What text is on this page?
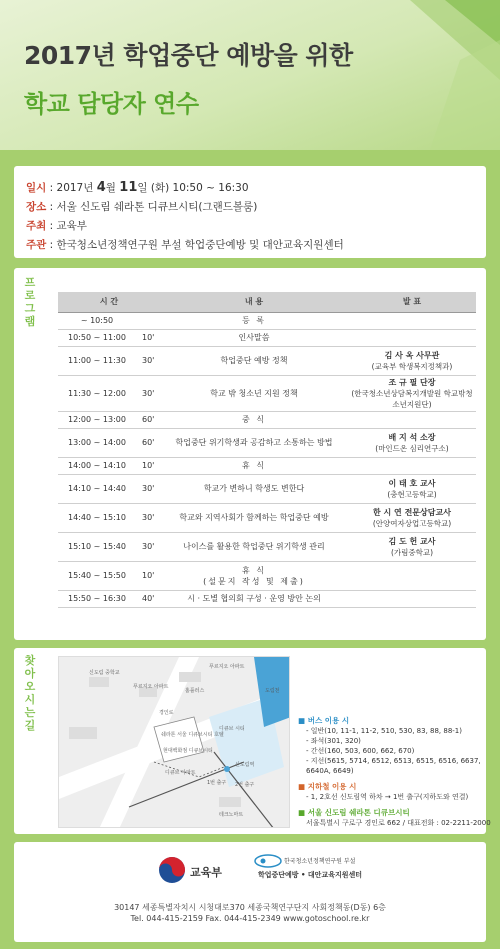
2017년 학업중단 예방을 위한
학교 담당자 연수
일시 : 2017년 4월 11일 (화) 10:50 ~ 16:30
장소 : 서울 신도림 쉐라톤 디큐브시티(그랜드볼룸)
주최 : 교육부
주관 : 한국청소년정책연구원 부설 학업중단예방 및 대안교육지원센터
프
로
그
램
시 간		내 용	발 표
~ 10:50		등 록	

10:50 ~ 11:00	10'	인사말씀	

11:00 ~ 11:30	30'	학업중단 예방 정책	김 사 옥 사무관
(교육부 학생복지정책과)

11:30 ~ 12:00	30'	학교 밖 청소년 지원 정책	조 규 필 단장
(한국청소년상담복지개발원 학교밖청소년지원단)

12:00 ~ 13:00	60'	중 식	

13:00 ~ 14:00	60'	학업중단 위기학생과 공감하고 소통하는 방법	배 지 석 소장
(마인드온 심리연구소)

14:00 ~ 14:10	10'	휴 식	

14:10 ~ 14:40	30'	학교가 변하니 학생도 변한다	이 태 호 교사
(충현고등학교)

14:40 ~ 15:10	30'	학교와 지역사회가 함께하는 학업중단 예방	한 시 연 전문상담교사
(안양여자상업고등학교)

15:10 ~ 15:40	30'	나이스를 활용한 학업중단 위기학생 관리	김 도 헌 교사
(가림중학교)

15:40 ~ 15:50	10'	휴 식
(설문지 작성 및 제출)	

15:50 ~ 16:30	40'	시 · 도별 협의회 구성 · 운영 방안 논의	
찾
아
오
시
는
길
신도림 중학교
푸르지오 아파트
홈플러스
푸르지오 아파트
디큐브 시티
경인로
쉐라톤 서울 디큐브시티 호텔
현대백화점 디큐브시티
디큐브 아파트
신도림역
도림천
1번 출구 2번 출구
테크노마트
■ 버스 이용 시
- 일반(10, 11-1, 11-2, 510, 530, 83, 88, 88-1)
- 좌석(301, 320)
- 간선(160, 503, 600, 662, 670)
- 지선(5615, 5714, 6512, 6513, 6515, 6516, 6637,
6640A, 6649)
■ 지하철 이용 시
- 1, 2호선 신도림역 하차 → 1번 출구(지하도와 연결)
■ 서울 신도림 쉐라톤 디큐브시티
서울특별시 구로구 경인로 662 / 대표전화 : 02-2211-2000
교육부
한국청소년정책연구원 부설
학업중단예방 • 대안교육지원센터
30147 세종특별자치시 시청대로370 세종국책연구단지 사회정책동(D동) 6층
Tel. 044-415-2159 Fax. 044-415-2349 www.gotoschool.re.kr
